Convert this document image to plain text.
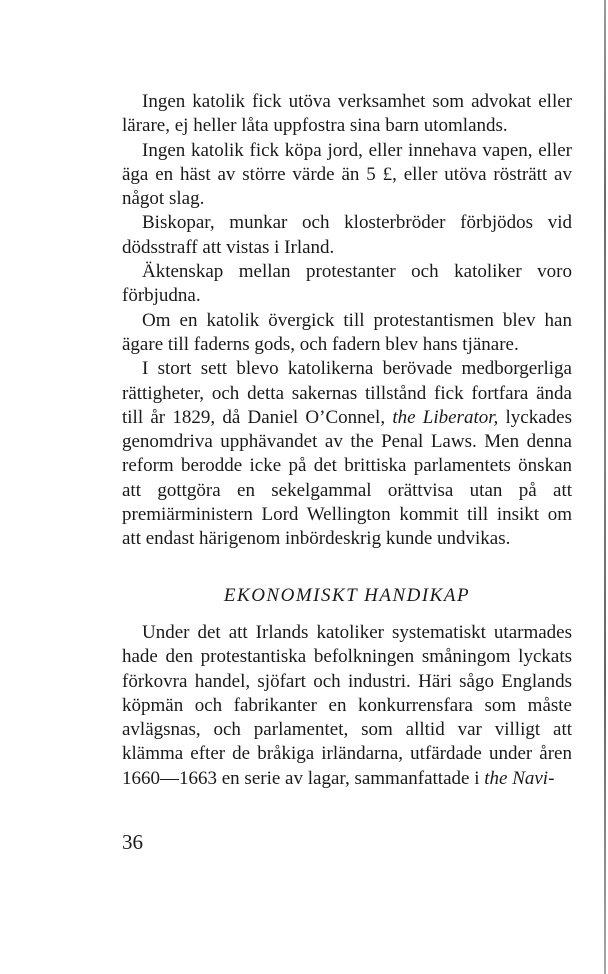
Ingen katolik fick utöva verksamhet som advokat eller lärare, ej heller låta uppfostra sina barn utomlands.

Ingen katolik fick köpa jord, eller innehava vapen, eller äga en häst av större värde än 5 £, eller utöva rösträtt av något slag.

Biskopar, munkar och klosterbröder förbjödos vid dödsstraff att vistas i Irland.

Äktenskap mellan protestanter och katoliker voro förbjudna.

Om en katolik övergick till protestantismen blev han ägare till faderns gods, och fadern blev hans tjänare.

I stort sett blevo katolikerna berövade medborgerliga rättigheter, och detta sakernas tillstånd fick fortfara ända till år 1829, då Daniel O’Connel, the Liberator, lyckades genomdriva upphävandet av the Penal Laws. Men denna reform berodde icke på det brittiska parlamentets önskan att gottgöra en sekelgammal orättvisa utan på att premiärministern Lord Wellington kommit till insikt om att endast härigenom inbördeskrig kunde undvikas.

EKONOMISKT HANDIKAP

Under det att Irlands katoliker systematiskt utarmades hade den protestantiska befolkningen småningom lyckats förkovra handel, sjöfart och industri. Häri sågo Englands köpmän och fabrikanter en konkurrensfara som måste avlägsnas, och parlamentet, som alltid var villigt att klämma efter de bråkiga irländarna, utfärdade under åren 1660—1663 en serie av lagar, sammanfattade i the Navi-

36
